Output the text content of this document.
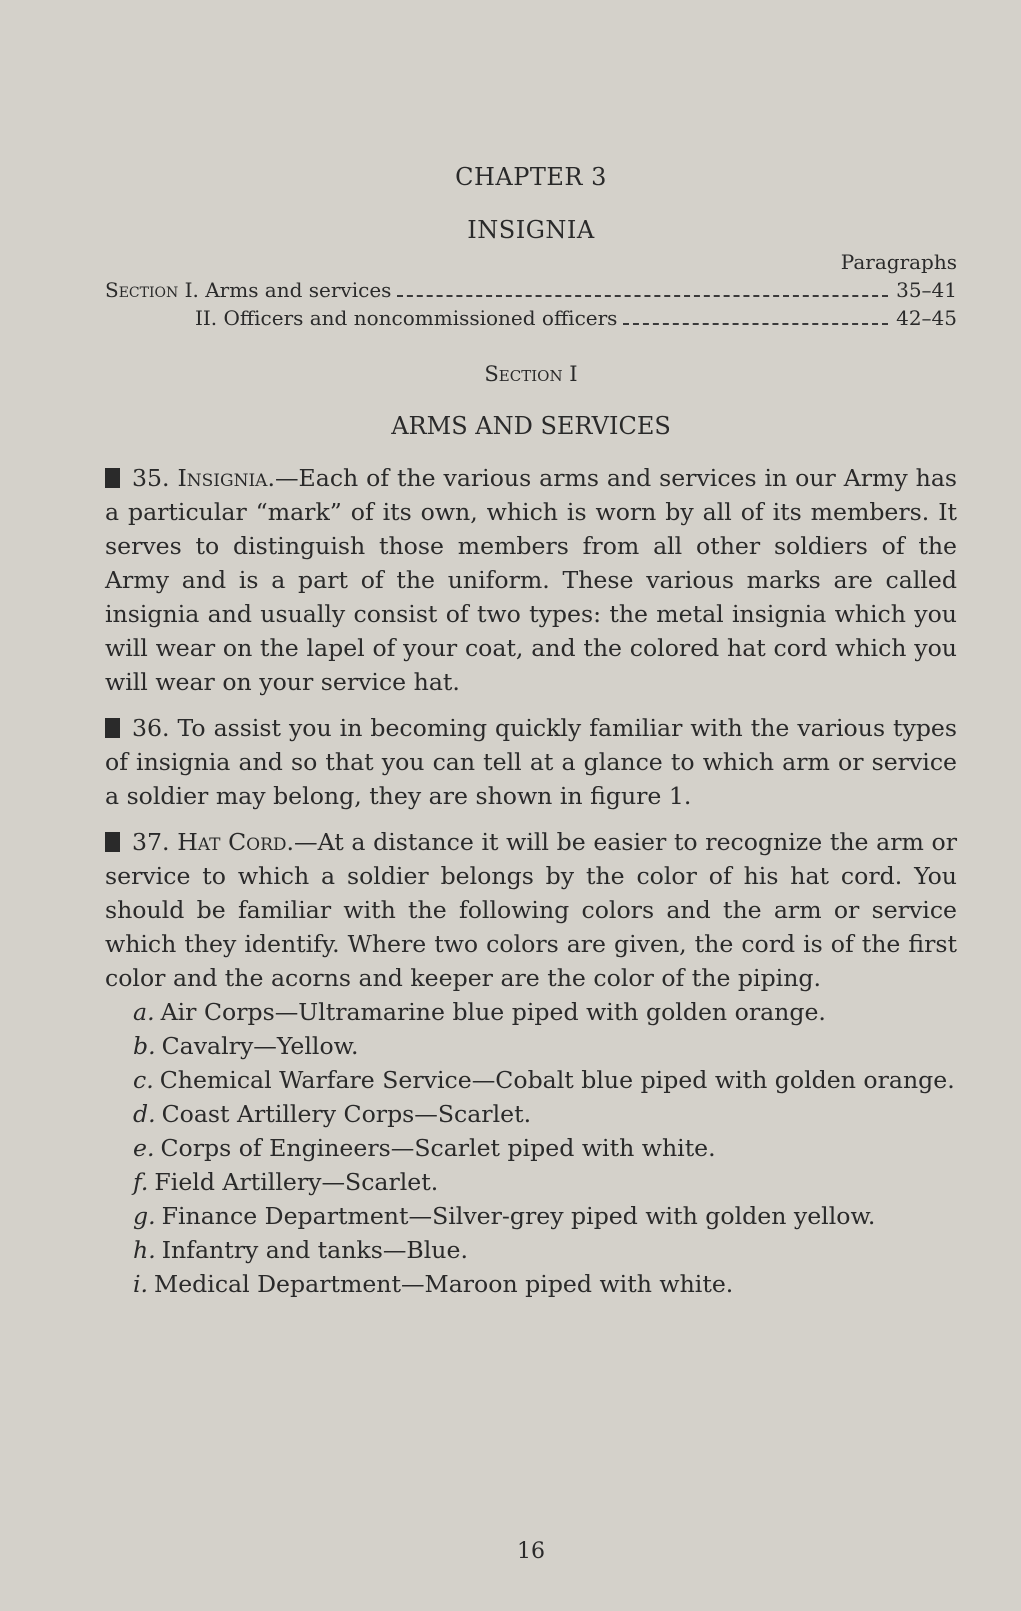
CHAPTER 3
INSIGNIA
Paragraphs
Section I. Arms and services	35–41
II. Officers and noncommissioned officers	42–45
Section I
ARMS AND SERVICES

35. Insignia.—Each of the various arms and services in our Army has a particular “mark” of its own, which is worn by all of its members. It serves to distinguish those members from all other soldiers of the Army and is a part of the uniform. These various marks are called insignia and usually consist of two types: the metal insignia which you will wear on the lapel of your coat, and the colored hat cord which you will wear on your service hat.

36. To assist you in becoming quickly familiar with the various types of insignia and so that you can tell at a glance to which arm or service a soldier may belong, they are shown in figure 1.

37. Hat Cord.—At a distance it will be easier to recognize the arm or service to which a soldier belongs by the color of his hat cord. You should be familiar with the following colors and the arm or service which they identify. Where two colors are given, the cord is of the first color and the acorns and keeper are the color of the piping.

a. Air Corps—Ultramarine blue piped with golden orange.

b. Cavalry—Yellow.

c. Chemical Warfare Service—Cobalt blue piped with golden orange.

d. Coast Artillery Corps—Scarlet.

e. Corps of Engineers—Scarlet piped with white.

f. Field Artillery—Scarlet.

g. Finance Department—Silver-grey piped with golden yellow.

h. Infantry and tanks—Blue.

i. Medical Department—Maroon piped with white.

16
